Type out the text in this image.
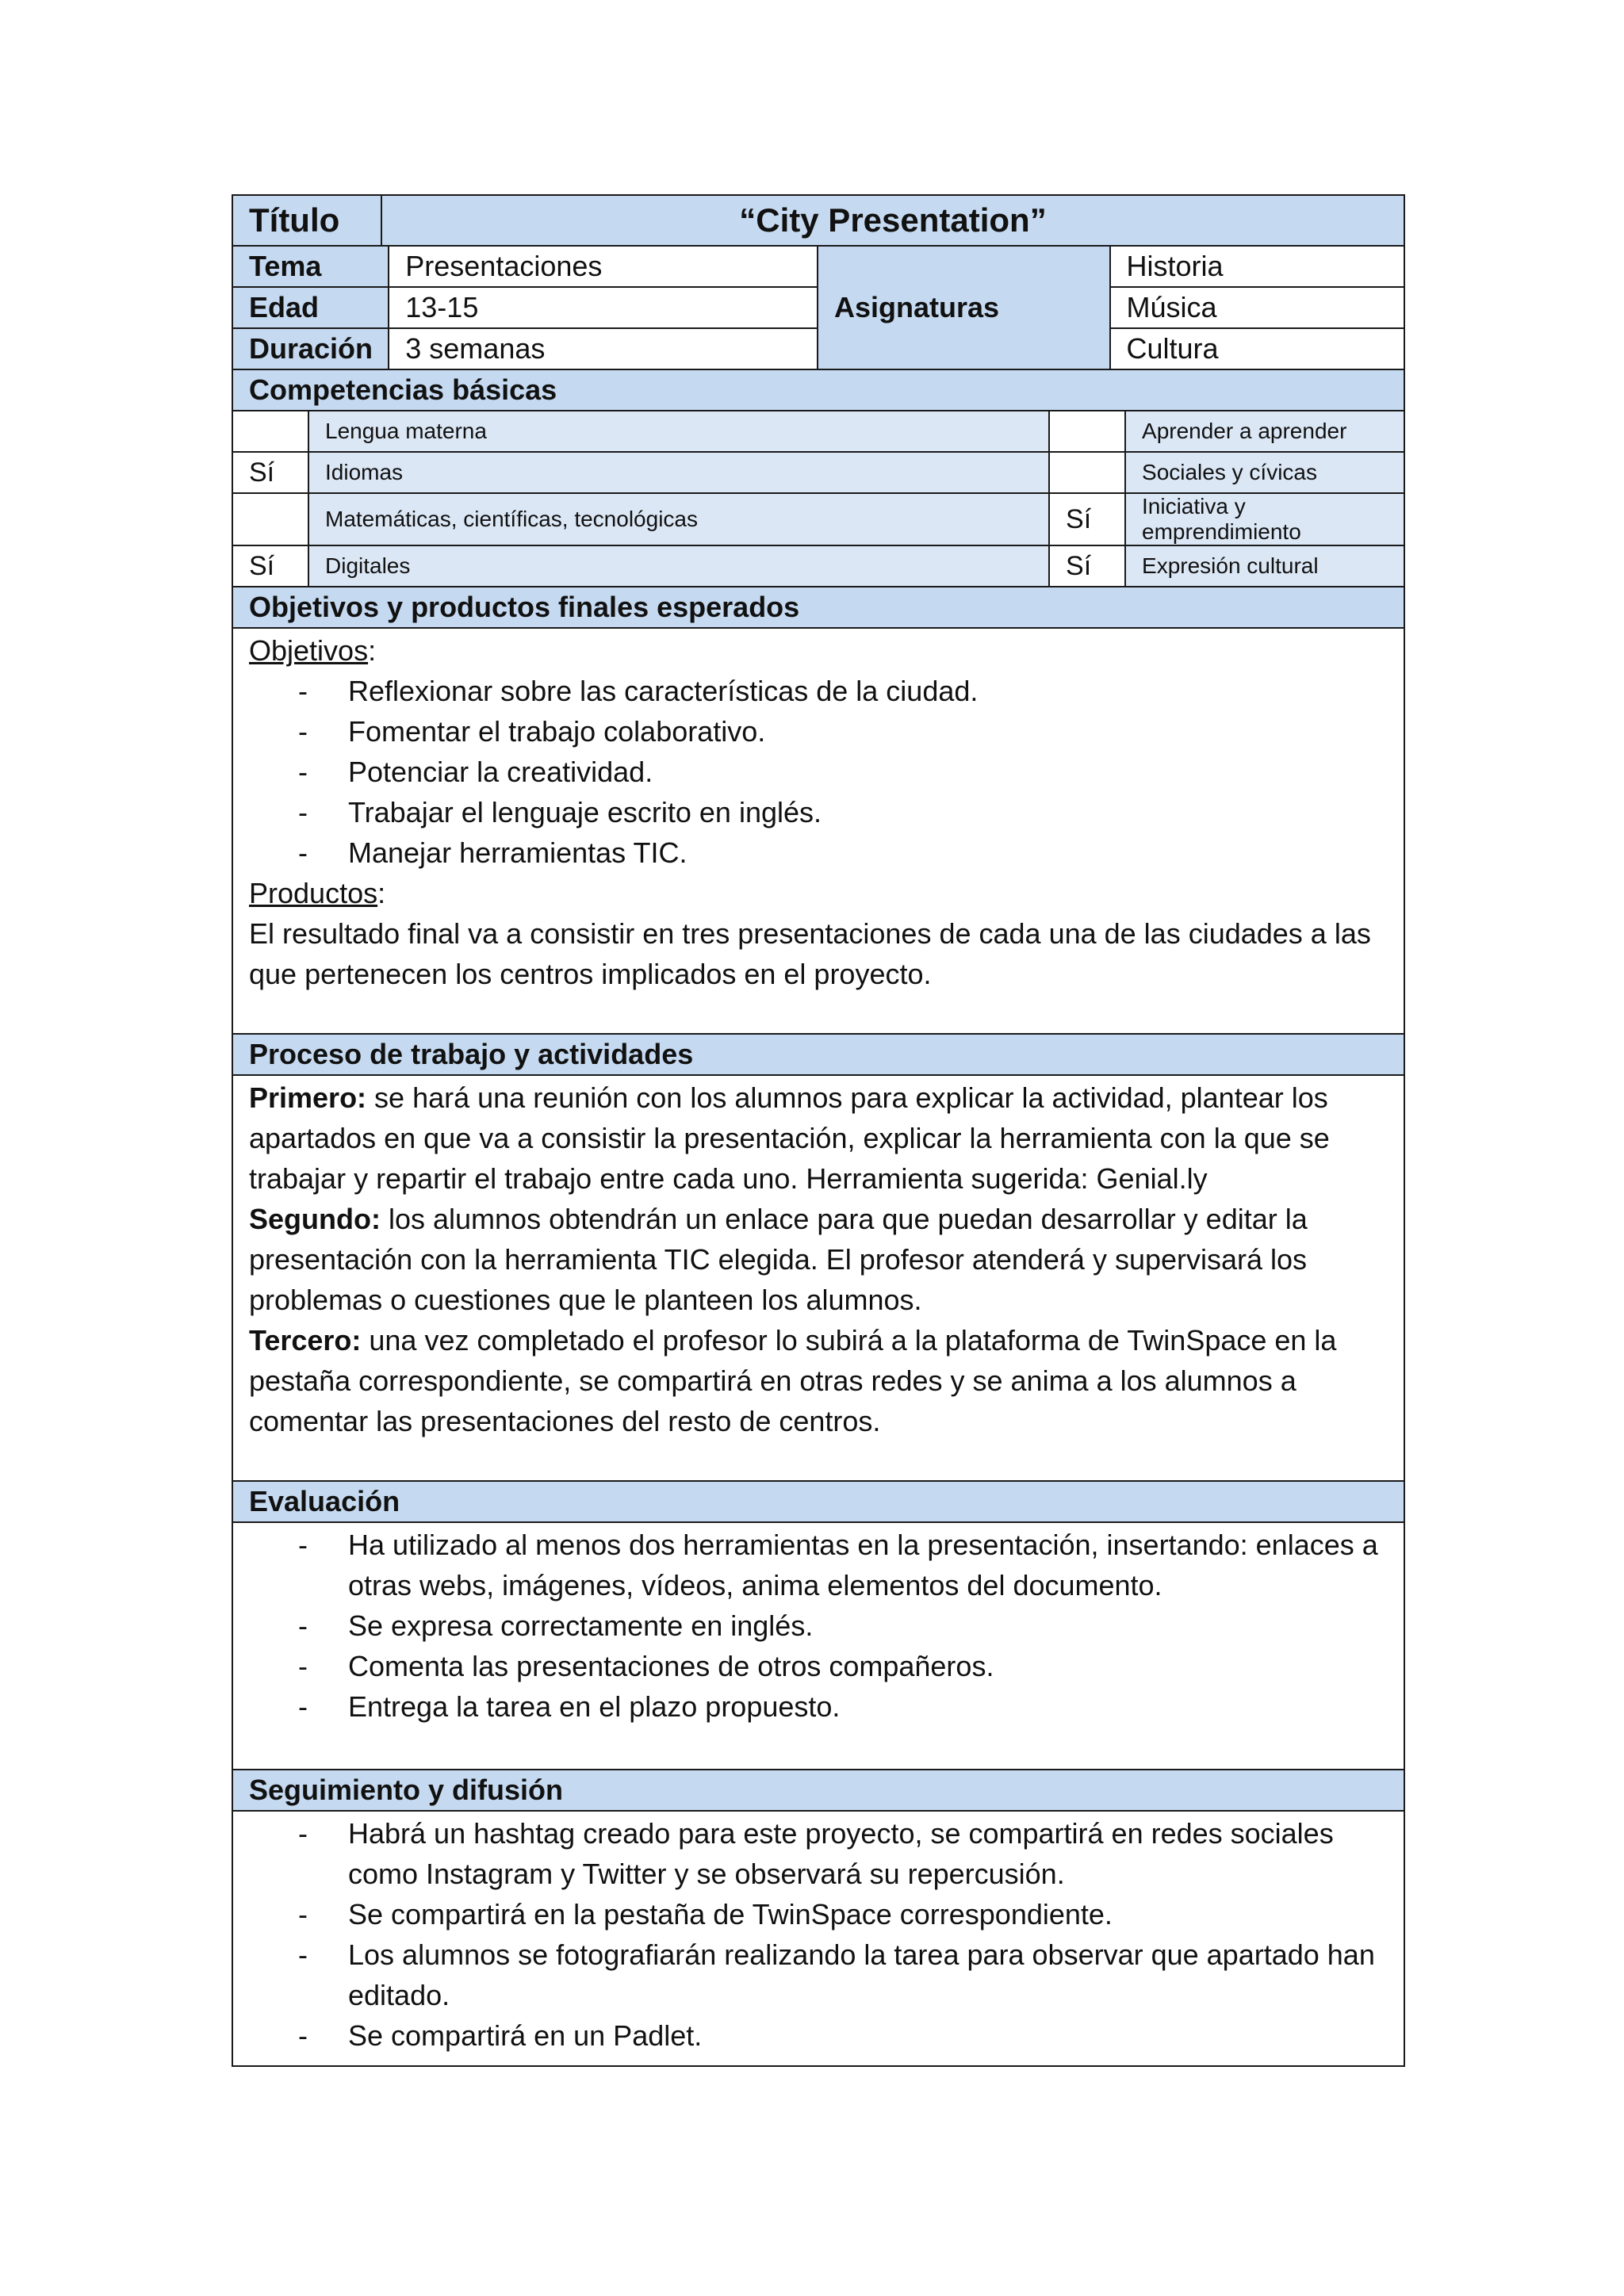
Título	“City Presentation”

Tema	Presentaciones	Asignaturas	Historia
Edad	13-15	Música
Duración	3 semanas	Cultura

Competencias básicas
	Lengua materna		Aprender a aprender
Sí	Idiomas		Sociales y cívicas
	Matemáticas, científicas, tecnológicas	Sí	Iniciativa y emprendimiento
Sí	Digitales	Sí	Expresión cultural
Objetivos y productos finales esperados

Objetivos:
- Reflexionar sobre las características de la ciudad.
- Fomentar el trabajo colaborativo.
- Potenciar la creatividad.
- Trabajar el lenguaje escrito en inglés.
- Manejar herramientas TIC.
Productos:
El resultado final va a consistir en tres presentaciones de cada una de las ciudades a las que pertenecen los centros implicados en el proyecto.

Proceso de trabajo y actividades

Primero: se hará una reunión con los alumnos para explicar la actividad, plantear los apartados en que va a consistir la presentación, explicar la herramienta con la que se trabajar y repartir el trabajo entre cada uno. Herramienta sugerida: Genial.ly
Segundo: los alumnos obtendrán un enlace para que puedan desarrollar y editar la presentación con la herramienta TIC elegida. El profesor atenderá y supervisará los problemas o cuestiones que le planteen los alumnos.
Tercero: una vez completado el profesor lo subirá a la plataforma de TwinSpace en la pestaña correspondiente, se compartirá en otras redes y se anima a los alumnos a comentar las presentaciones del resto de centros.

Evaluación

- Ha utilizado al menos dos herramientas en la presentación, insertando: enlaces a otras webs, imágenes, vídeos, anima elementos del documento.
- Se expresa correctamente en inglés.
- Comenta las presentaciones de otros compañeros.
- Entrega la tarea en el plazo propuesto.

Seguimiento y difusión

- Habrá un hashtag creado para este proyecto, se compartirá en redes sociales como Instagram y Twitter y se observará su repercusión.
- Se compartirá en la pestaña de TwinSpace correspondiente.
- Los alumnos se fotografiarán realizando la tarea para observar que apartado han editado.
- Se compartirá en un Padlet.
